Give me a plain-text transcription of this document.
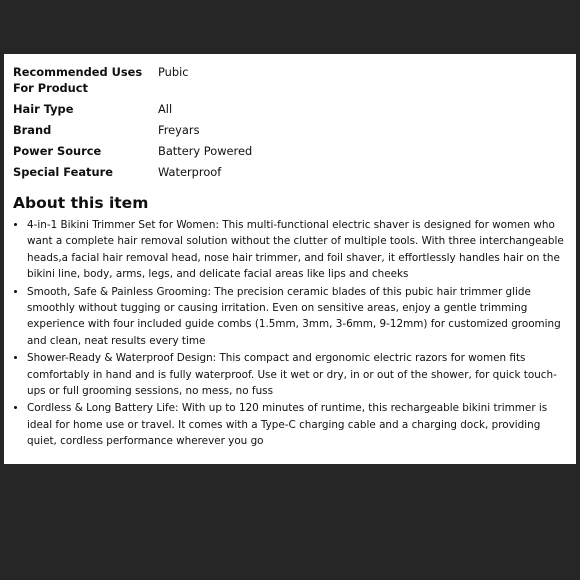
Recommended Uses For Product	Pubic
Hair Type	All
Brand	Freyars
Power Source	Battery Powered
Special Feature	Waterproof
About this item
• 4-in-1 Bikini Trimmer Set for Women: This multi-functional electric shaver is designed for women who want a complete hair removal solution without the clutter of multiple tools. With three interchangeable heads,a facial hair removal head, nose hair trimmer, and foil shaver, it effortlessly handles hair on the bikini line, body, arms, legs, and delicate facial areas like lips and cheeks
• Smooth, Safe & Painless Grooming: The precision ceramic blades of this pubic hair trimmer glide smoothly without tugging or causing irritation. Even on sensitive areas, enjoy a gentle trimming experience with four included guide combs (1.5mm, 3mm, 3-6mm, 9-12mm) for customized grooming and clean, neat results every time
• Shower-Ready & Waterproof Design: This compact and ergonomic electric razors for women fits comfortably in hand and is fully waterproof. Use it wet or dry, in or out of the shower, for quick touch-ups or full grooming sessions, no mess, no fuss
• Cordless & Long Battery Life: With up to 120 minutes of runtime, this rechargeable bikini trimmer is ideal for home use or travel. It comes with a Type-C charging cable and a charging dock, providing quiet, cordless performance wherever you go
